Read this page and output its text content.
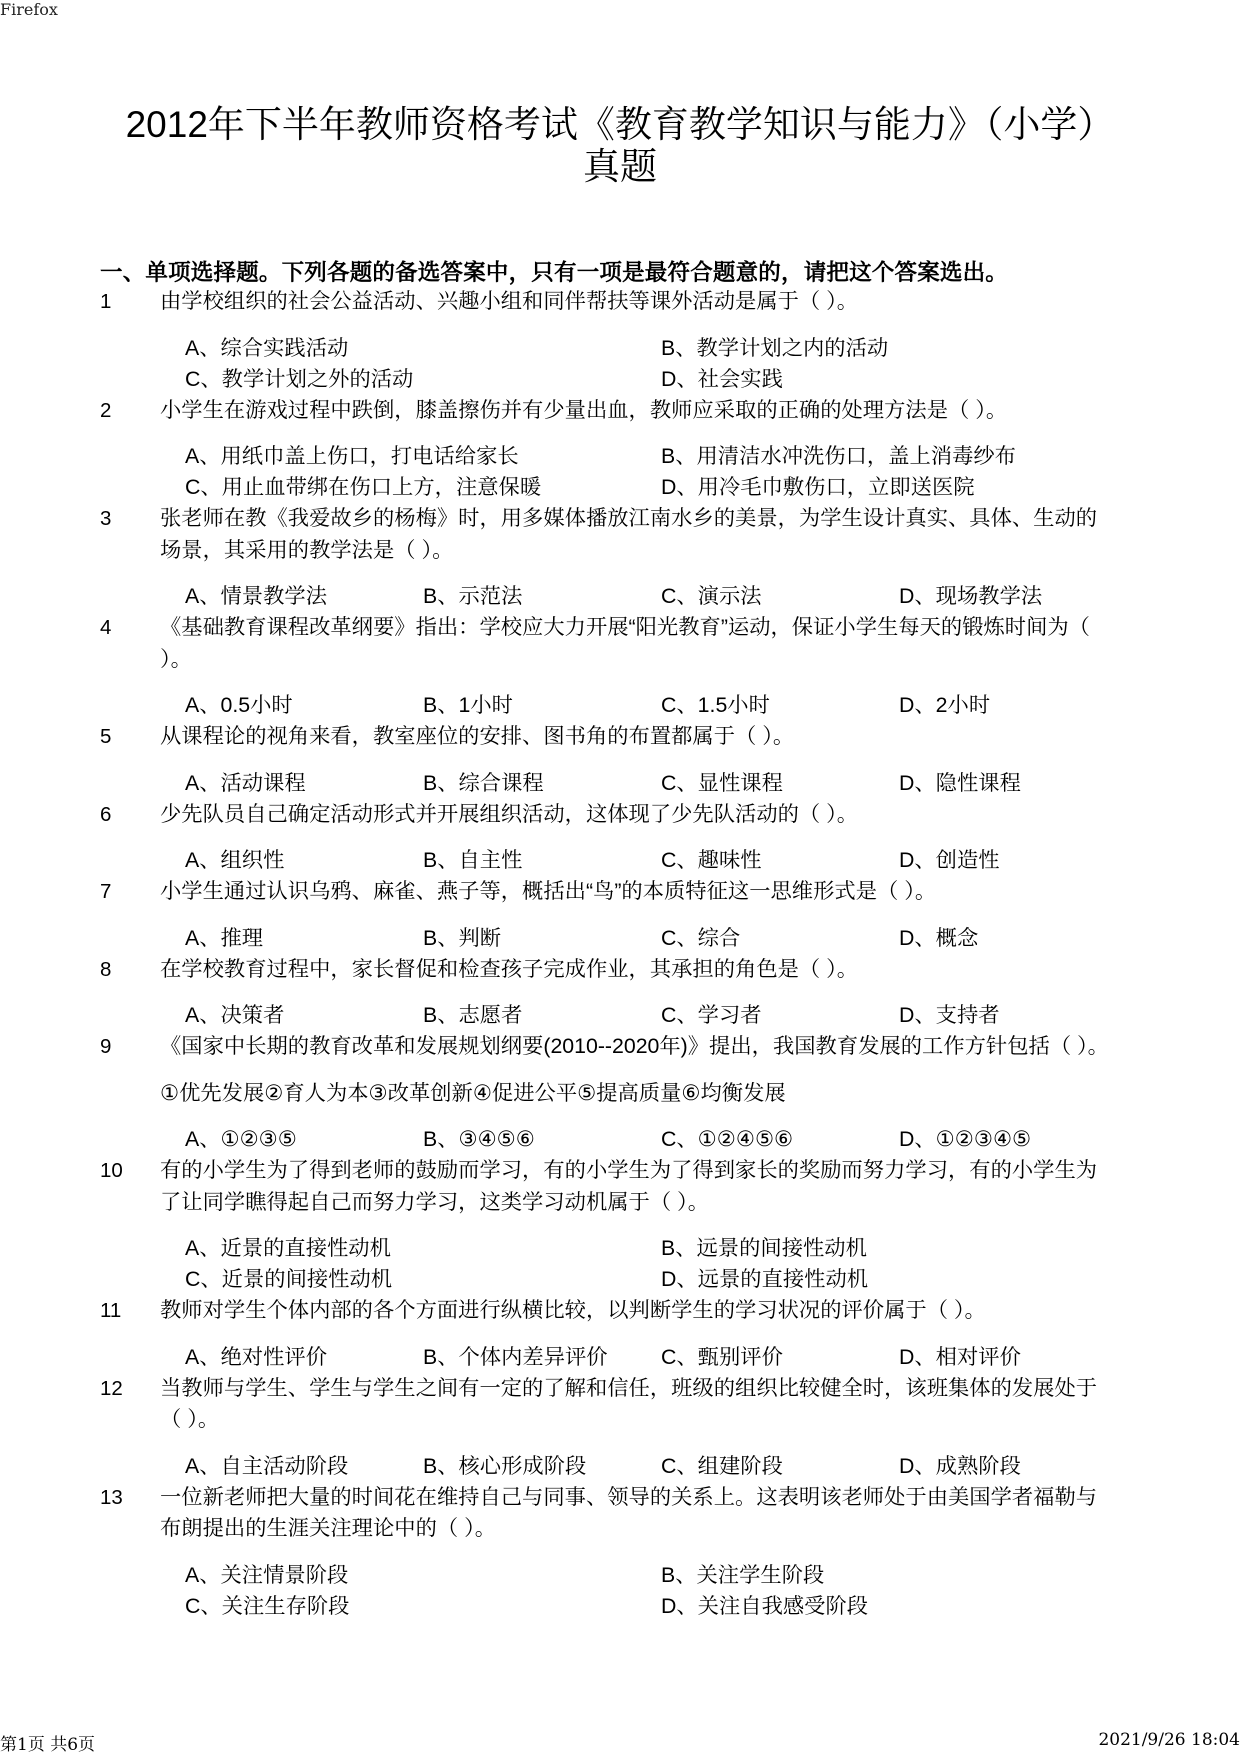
Firefox
2012年下半年教师资格考试《教育教学知识与能力》（小学）
真题
一、单项选择题。下列各题的备选答案中，只有一项是最符合题意的，请把这个答案选出。
1 由学校组织的社会公益活动、兴趣小组和同伴帮扶等课外活动是属于（ ）。
A、综合实践活动	B、教学计划之内的活动
C、教学计划之外的活动	D、社会实践
2 小学生在游戏过程中跌倒，膝盖擦伤并有少量出血，教师应采取的正确的处理方法是（ ）。
A、用纸巾盖上伤口，打电话给家长	B、用清洁水冲洗伤口，盖上消毒纱布
C、用止血带绑在伤口上方，注意保暖	D、用冷毛巾敷伤口，立即送医院
3 张老师在教《我爱故乡的杨梅》时，用多媒体播放江南水乡的美景，为学生设计真实、具体、生动的场景，其采用的教学法是（ ）。
A、情景教学法	B、示范法	C、演示法	D、现场教学法
4 《基础教育课程改革纲要》指出：学校应大力开展“阳光教育”运动，保证小学生每天的锻炼时间为（ ）。
A、0.5小时	B、1小时	C、1.5小时	D、2小时
5 从课程论的视角来看，教室座位的安排、图书角的布置都属于（ ）。
A、活动课程	B、综合课程	C、显性课程	D、隐性课程
6 少先队员自己确定活动形式并开展组织活动，这体现了少先队活动的（ ）。
A、组织性	B、自主性	C、趣味性	D、创造性
7 小学生通过认识乌鸦、麻雀、燕子等，概括出“鸟”的本质特征这一思维形式是（ ）。
A、推理	B、判断	C、综合	D、概念
8 在学校教育过程中，家长督促和检查孩子完成作业，其承担的角色是（ ）。
A、决策者	B、志愿者	C、学习者	D、支持者
9 《国家中长期的教育改革和发展规划纲要(2010--2020年)》提出，我国教育发展的工作方针包括（ ）。
①优先发展②育人为本③改革创新④促进公平⑤提高质量⑥均衡发展
A、①②③⑤	B、③④⑤⑥	C、①②④⑤⑥	D、①②③④⑤
10 有的小学生为了得到老师的鼓励而学习，有的小学生为了得到家长的奖励而努力学习，有的小学生为了让同学瞧得起自己而努力学习，这类学习动机属于（ ）。
A、近景的直接性动机	B、远景的间接性动机
C、近景的间接性动机	D、远景的直接性动机
11 教师对学生个体内部的各个方面进行纵横比较，以判断学生的学习状况的评价属于（ ）。
A、绝对性评价	B、个体内差异评价	C、甄别评价	D、相对评价
12 当教师与学生、学生与学生之间有一定的了解和信任，班级的组织比较健全时，该班集体的发展处于（ ）。
A、自主活动阶段	B、核心形成阶段	C、组建阶段	D、成熟阶段
13 一位新老师把大量的时间花在维持自己与同事、领导的关系上。这表明该老师处于由美国学者福勒与布朗提出的生涯关注理论中的（ ）。
A、关注情景阶段	B、关注学生阶段
C、关注生存阶段	D、关注自我感受阶段
第1页 共6页	2021/9/26 18:04
